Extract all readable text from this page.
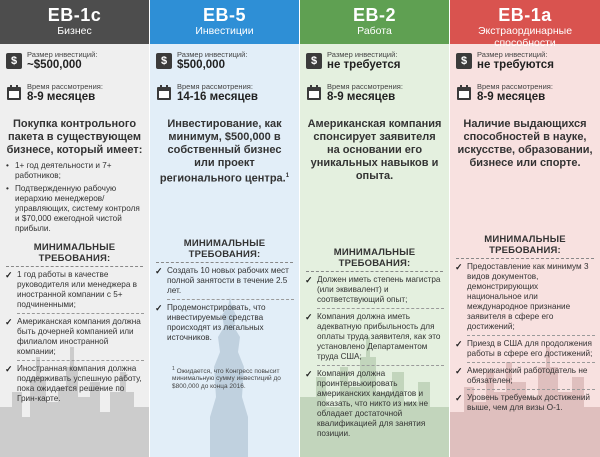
EB-1c
Бизнес
$
Размер инвестиций:
~$500,000
Время рассмотрения:
8-9 месяцев
Покупка контрольного пакета в существующем бизнесе, который имеет:
• 1+ год деятельности и 7+ работников;
• Подтвержденную рабочую иерархию менеджеров/управляющих, систему контроля и $70,000 ежегодной чистой прибыли.
МИНИМАЛЬНЫЕ ТРЕБОВАНИЯ:
✓ 1 год работы в качестве руководителя или менеджера в иностранной компании с 5+ подчиненными;
✓ Американская компания должна быть дочерней компанией или филиалом иностранной компании;
✓ Иностранная компания должна поддерживать успешную работу, пока ожидается решение по Грин-карте.
EB-5
Инвестиции
$
Размер инвестиций:
$500,000
Время рассмотрения:
14-16 месяцев
Инвестирование, как минимум, $500,000 в собственный бизнес или проект регионального центра.$^1$
МИНИМАЛЬНЫЕ ТРЕБОВАНИЯ:
✓ Создать 10 новых рабочих мест полной занятости в течение 2.5 лет.
✓ Продемонстрировать, что инвестируемые средства происходят из легальных источников.
$^1$ Ожидается, что Конгресс повысит минимальную сумму инвестиций до $800,000 до конца 2016.
EB-2
Работа
$
Размер инвестиций:
не требуется
Время рассмотрения:
8-9 месяцев
Американская компания спонсирует заявителя на основании его уникальных навыков и опыта.
МИНИМАЛЬНЫЕ ТРЕБОВАНИЯ:
✓ Должен иметь степень магистра (или эквивалент) и соответствующий опыт;
✓ Компания должна иметь адекватную прибыльность для оплаты труда заявителя, как это установлено Департаментом труда США;
✓ Компания должна проинтервьюировать американских кандидатов и показать, что никто из них не обладает достаточной квалификацией для занятия позиции.
EB-1a
Экстраординарные способности
$
Размер инвестиций:
не требуются
Время рассмотрения:
8-9 месяцев
Наличие выдающихся способностей в науке, искусстве, образовании, бизнесе или спорте.
МИНИМАЛЬНЫЕ ТРЕБОВАНИЯ:
✓ Предоставление как минимум 3 видов документов, демонстрирующих национальное или международное признание заявителя в сфере его достижений;
✓ Приезд в США для продолжения работы в сфере его достижений;
✓ Американский работодатель не обязателен;
✓ Уровень требуемых достижений выше, чем для визы O-1.
